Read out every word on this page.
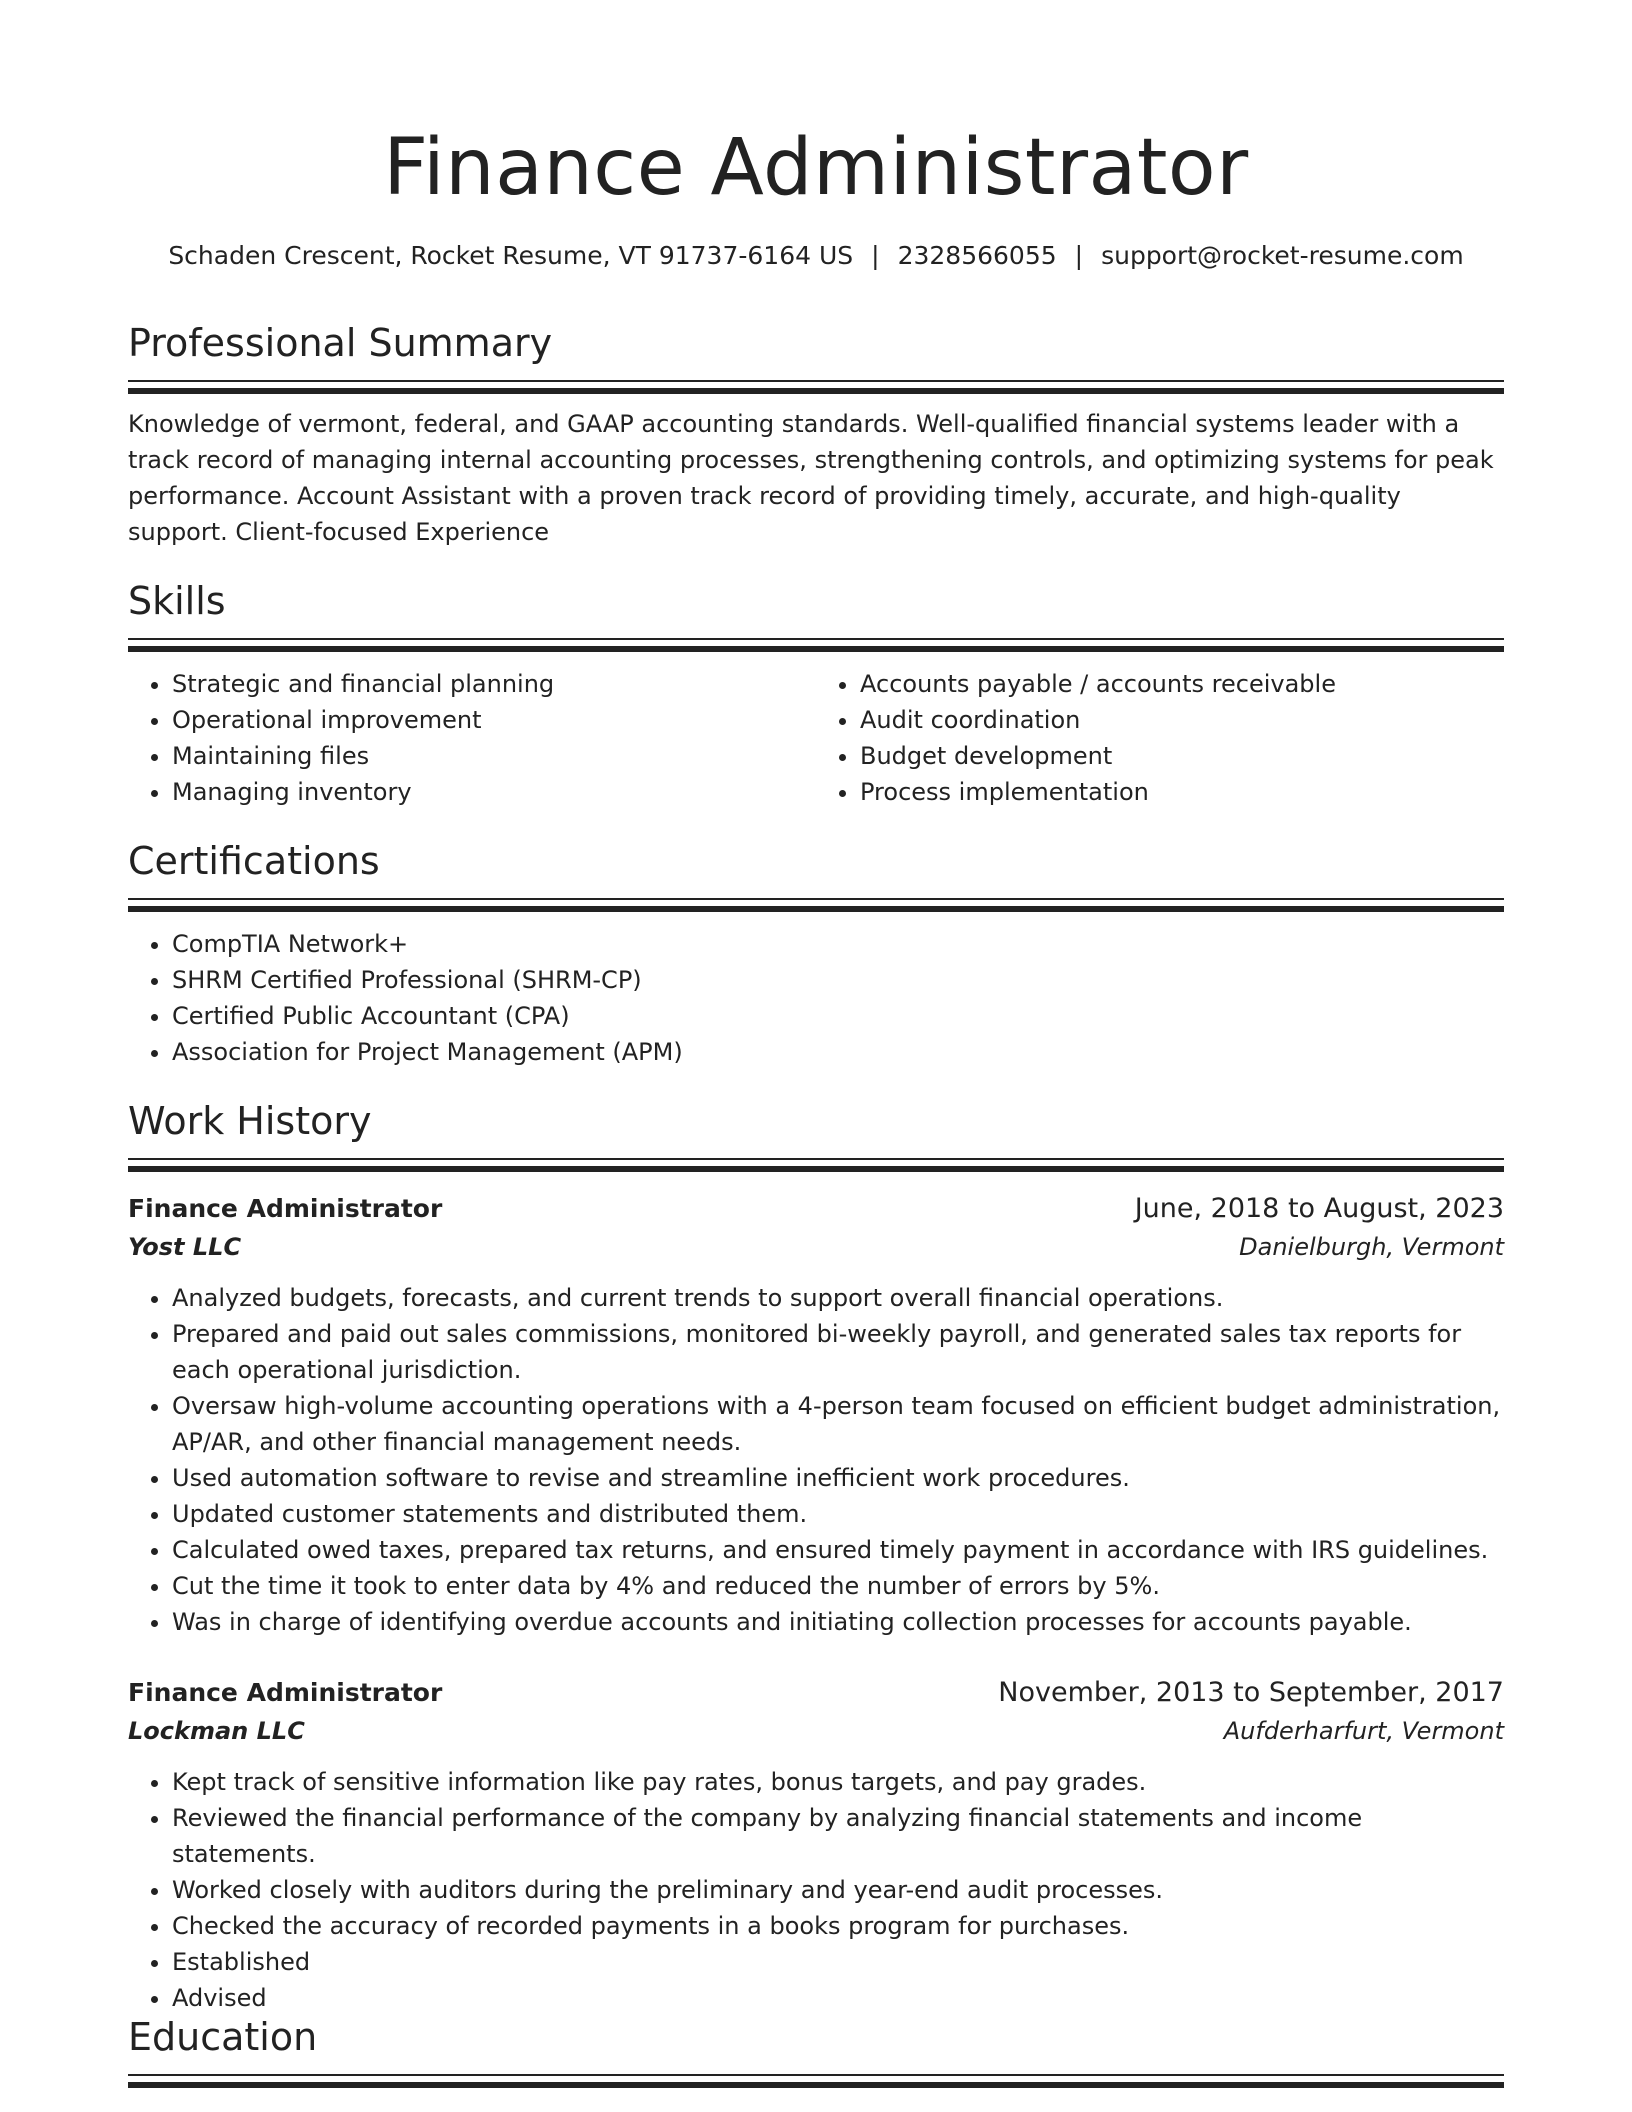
Finance Administrator
Schaden Crescent, Rocket Resume, VT 91737-6164 US | 2328566055 | support@rocket-resume.com
Professional Summary

Knowledge of vermont, federal, and GAAP accounting standards. Well-qualified financial systems leader with a track record of managing internal accounting processes, strengthening controls, and optimizing systems for peak performance. Account Assistant with a proven track record of providing timely, accurate, and high-quality support. Client-focused Experience

Skills
• Strategic and financial planning
• Operational improvement
• Maintaining files
• Managing inventory
• Accounts payable / accounts receivable
• Audit coordination
• Budget development
• Process implementation
Certifications
• CompTIA Network+
• SHRM Certified Professional (SHRM-CP)
• Certified Public Accountant (CPA)
• Association for Project Management (APM)
Work History
Finance Administrator	June, 2018 to August, 2023
Yost LLC	Danielburgh, Vermont
• Analyzed budgets, forecasts, and current trends to support overall financial operations.
• Prepared and paid out sales commissions, monitored bi-weekly payroll, and generated sales tax reports for each operational jurisdiction.
• Oversaw high-volume accounting operations with a 4-person team focused on efficient budget administration, AP/AR, and other financial management needs.
• Used automation software to revise and streamline inefficient work procedures.
• Updated customer statements and distributed them.
• Calculated owed taxes, prepared tax returns, and ensured timely payment in accordance with IRS guidelines.
• Cut the time it took to enter data by 4% and reduced the number of errors by 5%.
• Was in charge of identifying overdue accounts and initiating collection processes for accounts payable.
Finance Administrator	November, 2013 to September, 2017
Lockman LLC	Aufderharfurt, Vermont
• Kept track of sensitive information like pay rates, bonus targets, and pay grades.
• Reviewed the financial performance of the company by analyzing financial statements and income statements.
• Worked closely with auditors during the preliminary and year-end audit processes.
• Checked the accuracy of recorded payments in a books program for purchases.
• Established
• Advised
Education
